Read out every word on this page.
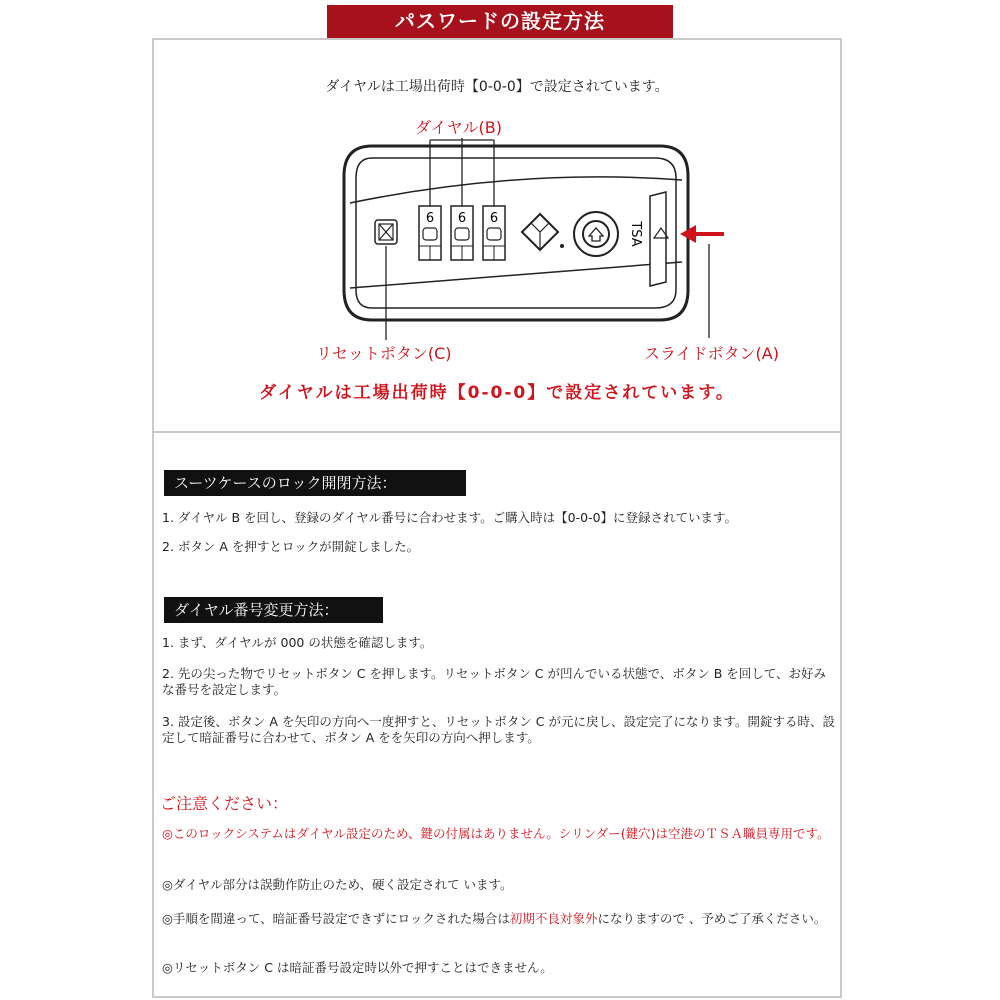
パスワードの設定方法
ダイヤルは工場出荷時【0-0-0】で設定されています。
6 6 6
TSA
ダイヤル(B)
リセットボタン(C)	スライドボタン(A)
ダイヤルは工場出荷時【0-0-0】で設定されています。
スーツケースのロック開閉方法：
1. ダイヤル B を回し、登録のダイヤル番号に合わせます。ご購入時は【0-0-0】に登録されています。
2. ボタン A を押すとロックが開錠しました。
ダイヤル番号変更方法：
1. まず、ダイヤルが 000 の状態を確認します。
2. 先の尖った物でリセットボタン C を押します。リセットボタン C が凹んでいる状態で、ボタン B を回して、お好みな番号を設定します。
3. 設定後、ボタン A を矢印の方向へ一度押すと、リセットボタン C が元に戻し、設定完了になります。開錠する時、設定して暗証番号に合わせて、ボタン A をを矢印の方向へ押します。
ご注意ください：
◎このロックシステムはダイヤル設定のため、鍵の付属はありません。シリンダー(鍵穴)は空港のＴＳＡ職員専用です。
◎ダイヤル部分は誤動作防止のため、硬く設定されて います。
◎手順を間違って、暗証番号設定できずにロックされた場合は初期不良対象外になりますので 、予めご了承ください。
◎リセットボタン C は暗証番号設定時以外で押すことはできません。
